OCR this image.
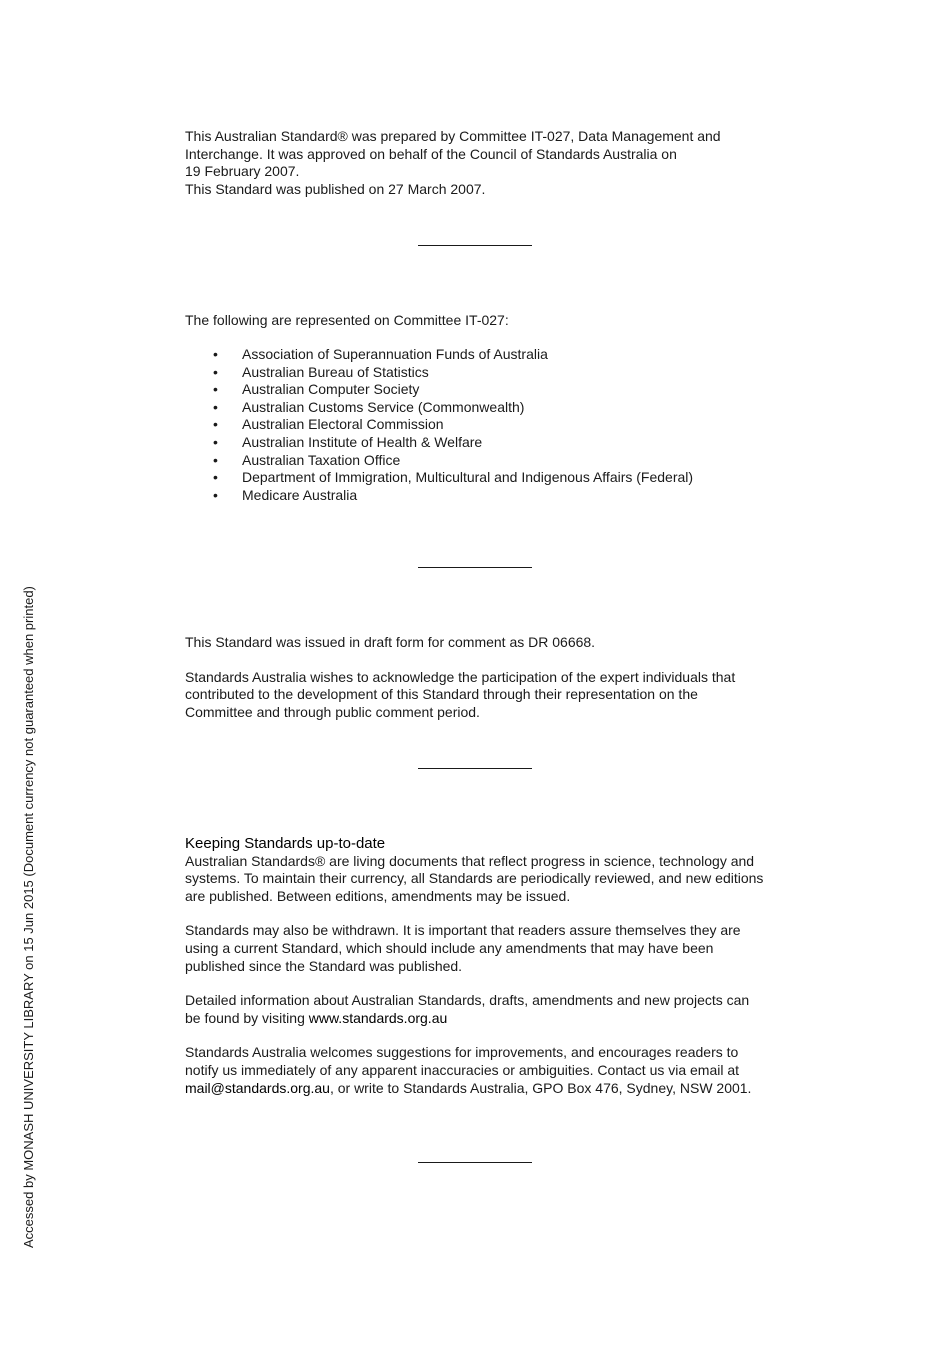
This Australian Standard® was prepared by Committee IT-027, Data Management and
Interchange. It was approved on behalf of the Council of Standards Australia on
19 February 2007.
This Standard was published on 27 March 2007.
The following are represented on Committee IT-027:
• Association of Superannuation Funds of Australia
• Australian Bureau of Statistics
• Australian Computer Society
• Australian Customs Service (Commonwealth)
• Australian Electoral Commission
• Australian Institute of Health & Welfare
• Australian Taxation Office
• Department of Immigration, Multicultural and Indigenous Affairs (Federal)
• Medicare Australia
This Standard was issued in draft form for comment as DR 06668.
Standards Australia wishes to acknowledge the participation of the expert individuals that
contributed to the development of this Standard through their representation on the
Committee and through public comment period.
Keeping Standards up-to-date
Australian Standards® are living documents that reflect progress in science, technology and
systems. To maintain their currency, all Standards are periodically reviewed, and new editions
are published. Between editions, amendments may be issued.
Standards may also be withdrawn. It is important that readers assure themselves they are
using a current Standard, which should include any amendments that may have been
published since the Standard was published.
Detailed information about Australian Standards, drafts, amendments and new projects can
be found by visiting www.standards.org.au
Standards Australia welcomes suggestions for improvements, and encourages readers to
notify us immediately of any apparent inaccuracies or ambiguities. Contact us via email at
mail@standards.org.au, or write to Standards Australia, GPO Box 476, Sydney, NSW 2001.
Accessed by MONASH UNIVERSITY LIBRARY on 15 Jun 2015 (Document currency not guaranteed when printed)
